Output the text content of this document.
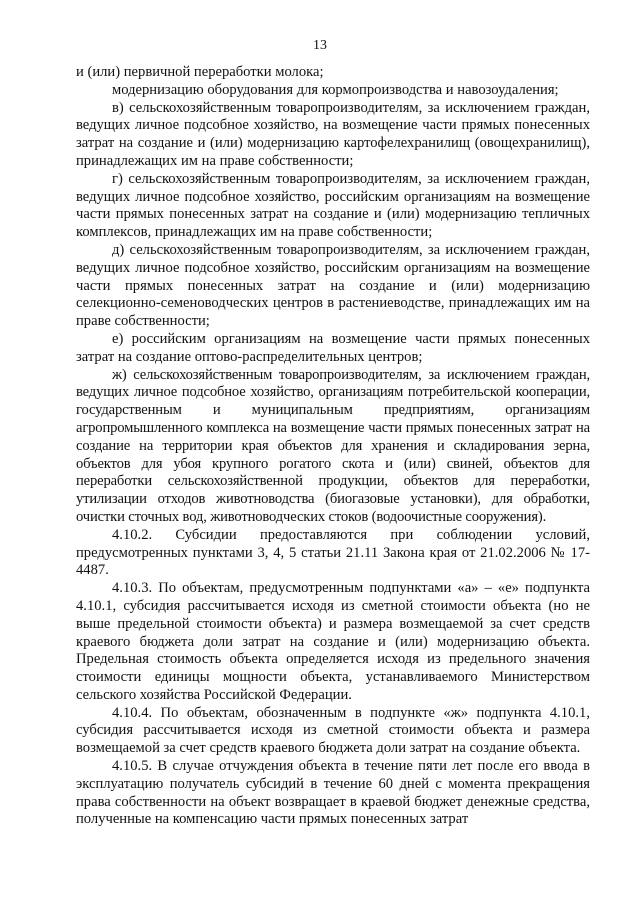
13

и (или) первичной переработки молока;

модернизацию оборудования для кормопроизводства и навозоудаления;

в) сельскохозяйственным товаропроизводителям, за исключением граждан, ведущих личное подсобное хозяйство, на возмещение части прямых понесенных затрат на создание и (или) модернизацию картофелехранилищ (овощехранилищ), принадлежащих им на праве собственности;

г) сельскохозяйственным товаропроизводителям, за исключением граждан, ведущих личное подсобное хозяйство, российским организациям на возмещение части прямых понесенных затрат на создание и (или) модернизацию тепличных комплексов, принадлежащих им на праве собственности;

д) сельскохозяйственным товаропроизводителям, за исключением граждан, ведущих личное подсобное хозяйство, российским организациям на возмещение части прямых понесенных затрат на создание и (или) модернизацию селекционно-семеноводческих центров в растениеводстве, принадлежащих им на праве собственности;

е) российским организациям на возмещение части прямых понесенных затрат на создание оптово-распределительных центров;

ж) сельскохозяйственным товаропроизводителям, за исключением граждан, ведущих личное подсобное хозяйство, организациям потребительской кооперации, государственным и муниципальным предприятиям, организациям агропромышленного комплекса на возмещение части прямых понесенных затрат на создание на территории края объектов для хранения и складирования зерна, объектов для убоя крупного рогатого скота и (или) свиней, объектов для переработки сельскохозяйственной продукции, объектов для переработки, утилизации отходов животноводства (биогазовые установки), для обработки, очистки сточных вод, животноводческих стоков (водоочистные сооружения).

4.10.2. Субсидии предоставляются при соблюдении условий, предусмотренных пунктами 3, 4, 5 статьи 21.11 Закона края от 21.02.2006 № 17-4487.

4.10.3. По объектам, предусмотренным подпунктами «а» – «е» подпункта 4.10.1, субсидия рассчитывается исходя из сметной стоимости объекта (но не выше предельной стоимости объекта) и размера возмещаемой за счет средств краевого бюджета доли затрат на создание и (или) модернизацию объекта. Предельная стоимость объекта определяется исходя из предельного значения стоимости единицы мощности объекта, устанавливаемого Министерством сельского хозяйства Российской Федерации.

4.10.4. По объектам, обозначенным в подпункте «ж» подпункта 4.10.1, субсидия рассчитывается исходя из сметной стоимости объекта и размера возмещаемой за счет средств краевого бюджета доли затрат на создание объекта.

4.10.5. В случае отчуждения объекта в течение пяти лет после его ввода в эксплуатацию получатель субсидий в течение 60 дней с момента прекращения права собственности на объект возвращает в краевой бюджет денежные средства, полученные на компенсацию части прямых понесенных затрат
